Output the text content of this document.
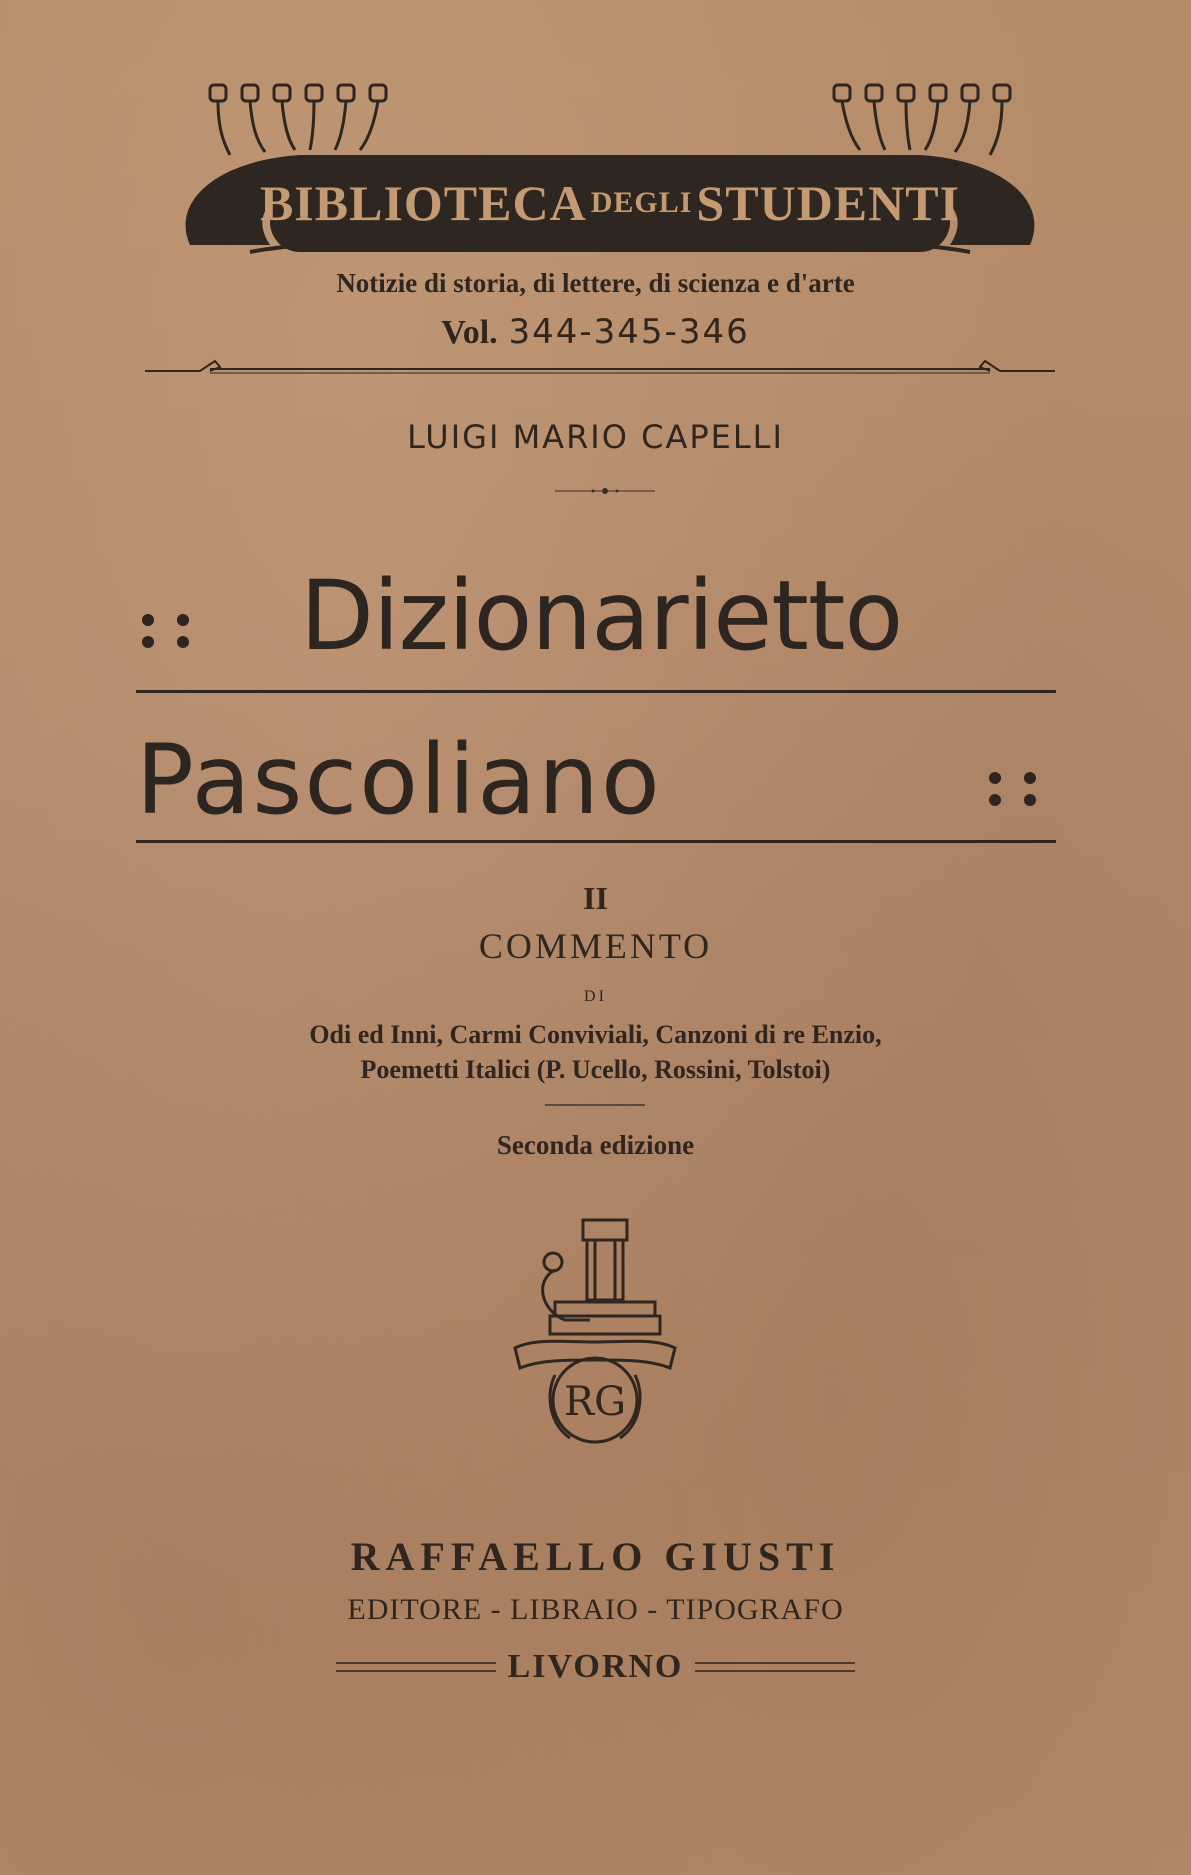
BIBLIOTECA DEGLI STUDENTI
Notizie di storia, di lettere, di scienza e d'arte
Vol. 344-345-346
LUIGI MARIO CAPELLI
Dizionarietto
Pascoliano
II
COMMENTO
DI
Odi ed Inni, Carmi Conviviali, Canzoni di re Enzio,
Poemetti Italici (P. Ucello, Rossini, Tolstoi)
Seconda edizione
RG
RAFFAELLO GIUSTI
EDITORE - LIBRAIO - TIPOGRAFO
LIVORNO
